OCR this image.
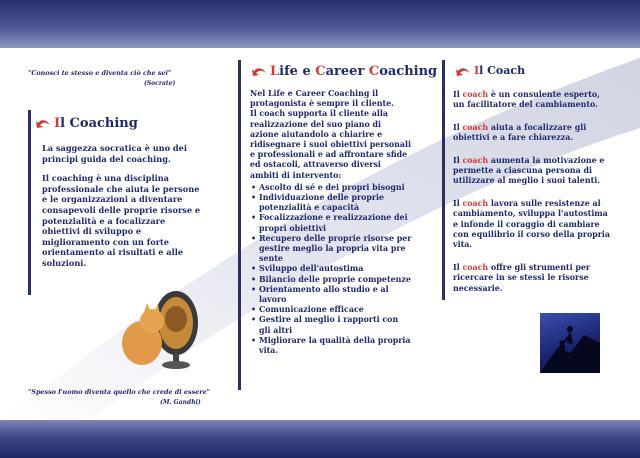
"Conosci te stesso e diventa ciò che sei"
(Socrate)
Il Coaching

La saggezza socratica è uno dei principi guida del coaching.

Il coaching è una disciplina professionale che aiuta le persone e le organizzazioni a diventare consapevoli delle proprie risorse e potenzialità e a focalizzare obiettivi di sviluppo e miglioramento con un forte orientamento ai risultati e alle soluzioni.

"Spesso l'uomo diventa quello che crede di essere"
(M. Gandhi)
Life e Career Coaching

Nel Life e Career Coaching il protagonista è sempre il cliente.

Il coach supporta il cliente alla realizzazione del suo piano di azione aiutandolo a chiarire e ridisegnare i suoi obiettivi personali e professionali e ad affrontare sfide ed ostacoli, attraverso diversi ambiti di intervento:

• Ascolto di sé e dei propri bisogni
• Individuazione delle proprie potenzialità e capacità
• Focalizzazione e realizzazione dei propri obiettivi
• Recupero delle proprie risorse per gestire meglio la propria vita pre sente
• Sviluppo dell'autostima
• Bilancio delle proprie competenze
• Orientamento allo studio e al lavoro
• Comunicazione efficace
• Gestire al meglio i rapporti con gli altri
• Migliorare la qualità della propria vita.
Il Coach

Il coach è un consulente esperto, un facilitatore del cambiamento.

Il coach aiuta a focalizzare gli obiettivi e a fare chiarezza.

Il coach aumenta la motivazione e permette a ciascuna persona di utilizzare al meglio i suoi talenti.

Il coach lavora sulle resistenze al cambiamento, sviluppa l'autostima e infonde il coraggio di cambiare con equilibrio il corso della propria vita.

Il coach offre gli strumenti per ricercare in se stessi le risorse necessarie.
